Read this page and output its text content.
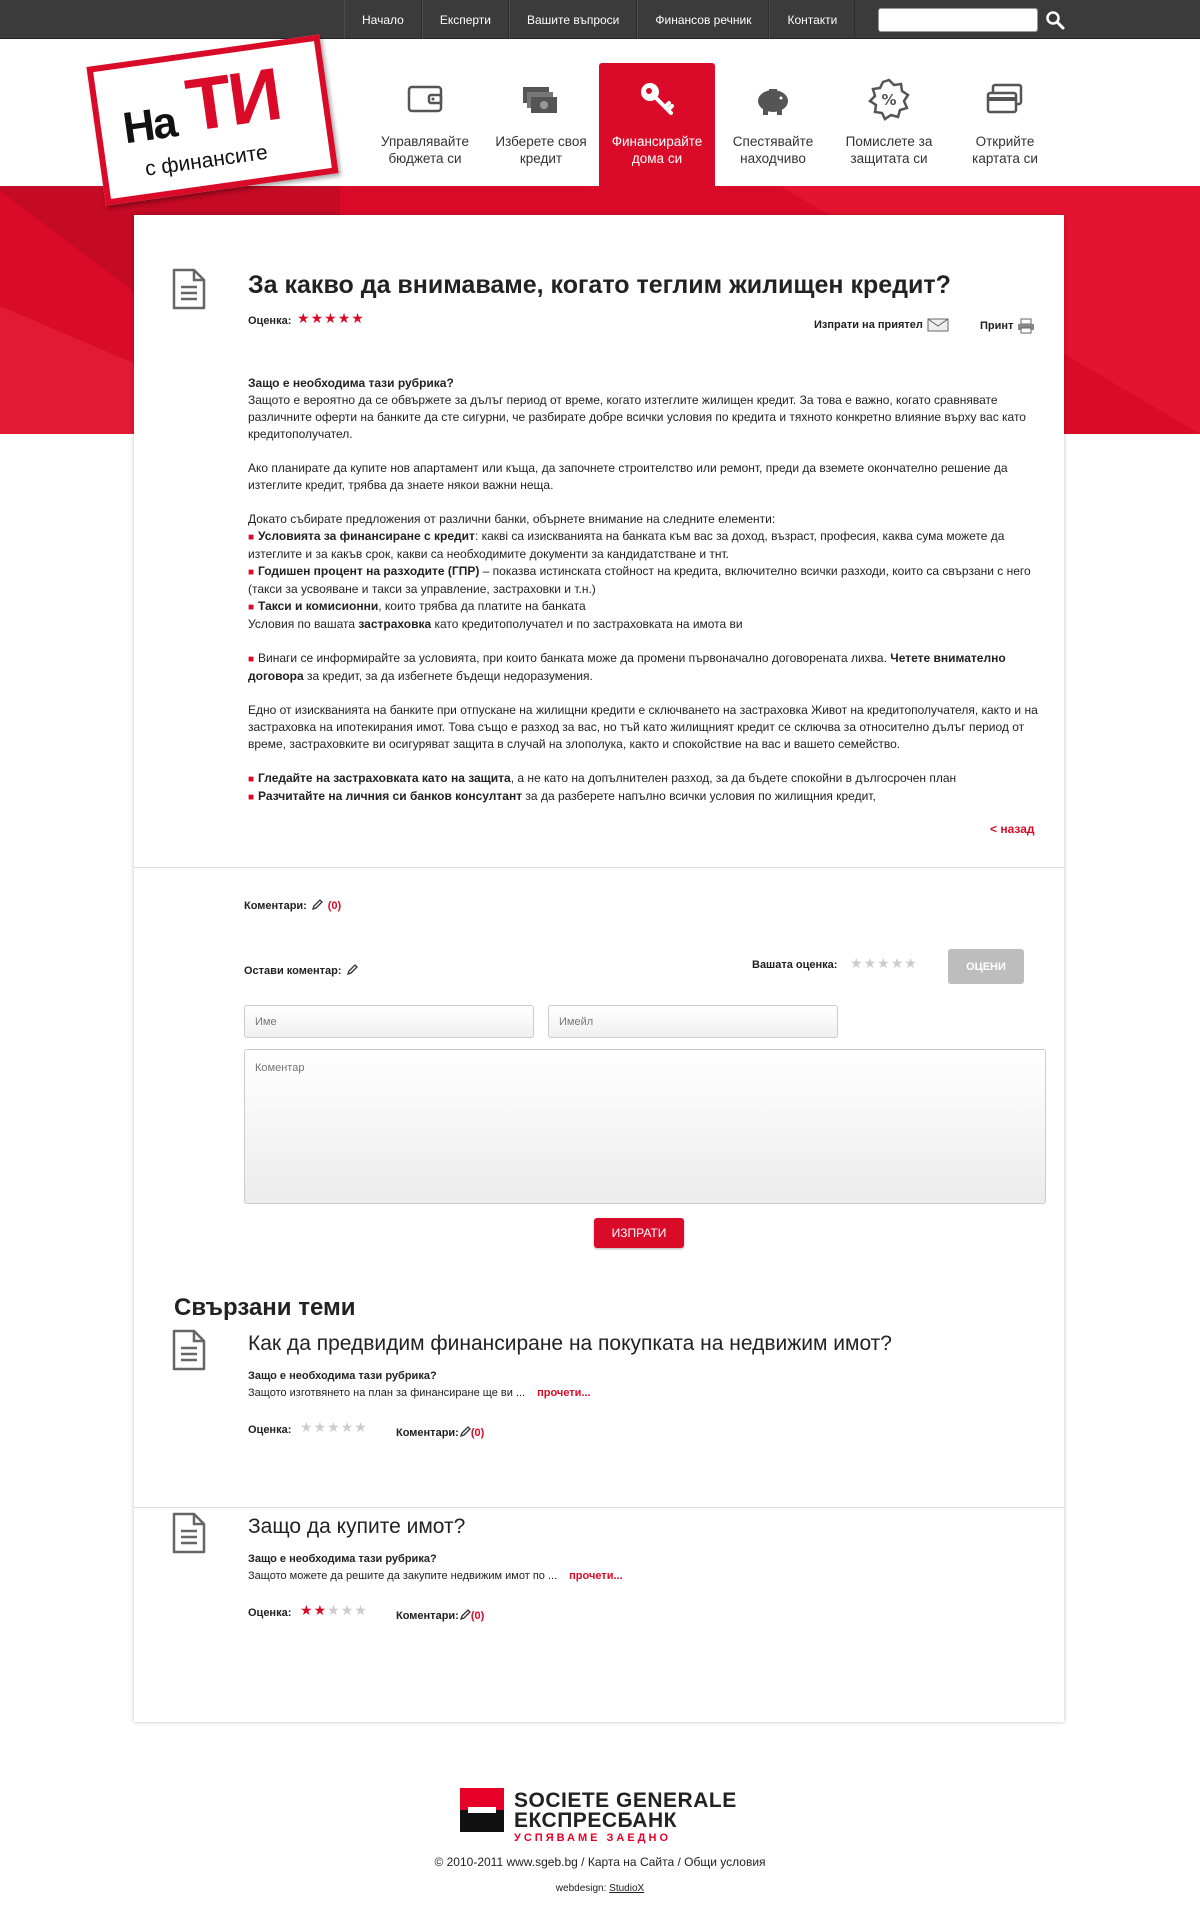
Начало	Експерти	Вашите въпроси	Финансов речник	Контакти
На ТИ
с финансите	Управлявайте бюджета си
Изберете своя кредит
Финансирайте дома си
Спестявайте находчиво
%
Помислете за защитата си
Открийте картата си
За какво да внимаваме, когато теглим жилищен кредит?
Оценка: ★★★★★	Изпрати на приятел	Принт
Защо е необходима тази рубрика?

Защото е вероятно да се обвържете за дълъг период от време, когато изтеглите жилищен кредит. За това е важно, когато сравнявате различните оферти на банките да сте сигурни, че разбирате добре всички условия по кредита и тяхното конкретно влияние върху вас като кредитополучател.

Ако планирате да купите нов апартамент или къща, да започнете строителство или ремонт, преди да вземете окончателно решение да изтеглите кредит, трябва да знаете някои важни неща.

Докато събирате предложения от различни банки, обърнете внимание на следните елементи:
■ Условията за финансиране с кредит: каквi са изискванията на банката към вас за доход, възраст, професия, каква сума можете да изтеглите и за какъв срок, какви са необходимите документи за кандидатстване и тнт.
■ Годишен процент на разходите (ГПР) – показва истинската стойност на кредита, включително всички разходи, които са свързани с него (такси за усвояване и такси за управление, застраховки и т.н.)
■ Такси и комисионни, които трябва да платите на банката

Условия по вашата застраховка като кредитополучател и по застраховката на имота ви

■ Винаги се информирайте за условията, при които банката може да промени първоначално договорената лихва. Четете внимателно договора за кредит, за да избегнете бъдещи недоразумения.

Едно от изискванията на банките при отпускане на жилищни кредити е сключването на застраховка Живот на кредитополучателя, както и на застраховка на ипотекирания имот. Това също е разход за вас, но тъй като жилищният кредит се сключва за относително дълъг период от време, застраховките ви осигуряват защита в случай на злополука, както и спокойствие на вас и вашето семейство.

■ Гледайте на застраховката като на защита, а не като на допълнителен разход, за да бъдете спокойни в дългосрочен план
■ Разчитайте на личния си банков консултант за да разберете напълно всички условия по жилищния кредит,
< назад
Коментари: (0)
Остави коментар:	Вашата оценка: ★★★★★	ОЦЕНИ
Име
Имейл
Коментар
ИЗПРАТИ
Свързани теми
Как да предвидим финансиране на покупката на недвижим имот?
Защо е необходима тази рубрика?
Защото изготвянето на план за финансиране ще ви ... прочети...
Оценка: ★★★★★	Коментари: (0)
Защо да купите имот?
Защо е необходима тази рубрика?
Защото можете да решите да закупите недвижим имот по ... прочети...
Оценка: ★★★★★	Коментари: (0)
SOCIETE GENERALE
ЕКСПРЕСБАНК
УСПЯВАМЕ ЗАЕДНО
© 2010-2011 www.sgeb.bg / Карта на Сайта / Общи условия
webdesign: StudioX
